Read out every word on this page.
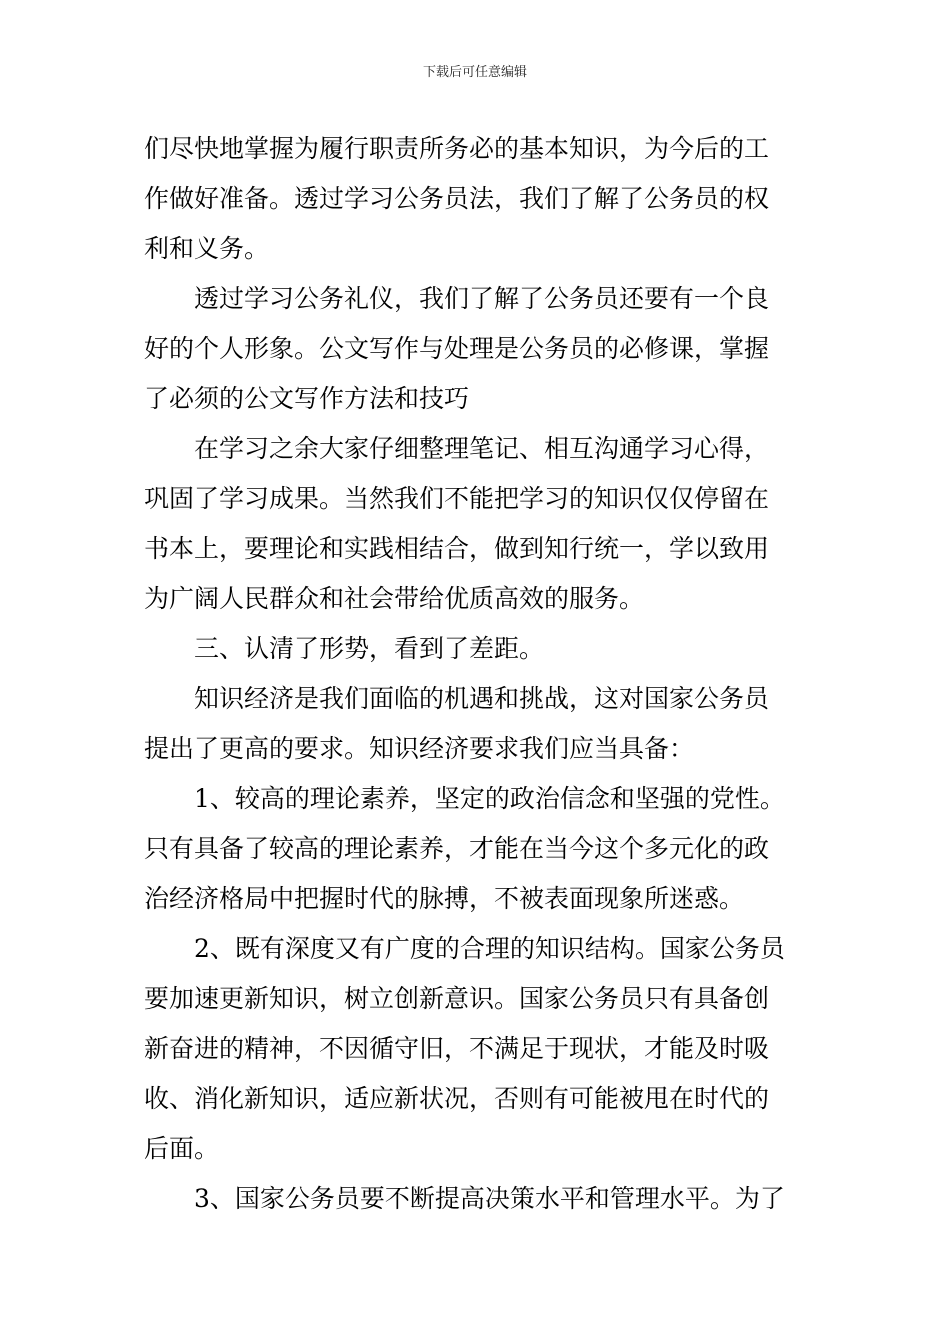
下载后可任意编辑
们尽快地掌握为履行职责所务必的基本知识，为今后的工
作做好准备。透过学习公务员法，我们了解了公务员的权
利和义务。
透过学习公务礼仪，我们了解了公务员还要有一个良
好的个人形象。公文写作与处理是公务员的必修课，掌握
了必须的公文写作方法和技巧
在学习之余大家仔细整理笔记、相互沟通学习心得，
巩固了学习成果。当然我们不能把学习的知识仅仅停留在
书本上，要理论和实践相结合，做到知行统一，学以致用
为广阔人民群众和社会带给优质高效的服务。
三、认清了形势，看到了差距。
知识经济是我们面临的机遇和挑战，这对国家公务员
提出了更高的要求。知识经济要求我们应当具备：
1、较高的理论素养，坚定的政治信念和坚强的党性。
只有具备了较高的理论素养，才能在当今这个多元化的政
治经济格局中把握时代的脉搏，不被表面现象所迷惑。
2、既有深度又有广度的合理的知识结构。国家公务员
要加速更新知识，树立创新意识。国家公务员只有具备创
新奋进的精神，不因循守旧，不满足于现状，才能及时吸
收、消化新知识，适应新状况，否则有可能被甩在时代的
后面。
3、国家公务员要不断提高决策水平和管理水平。为了
